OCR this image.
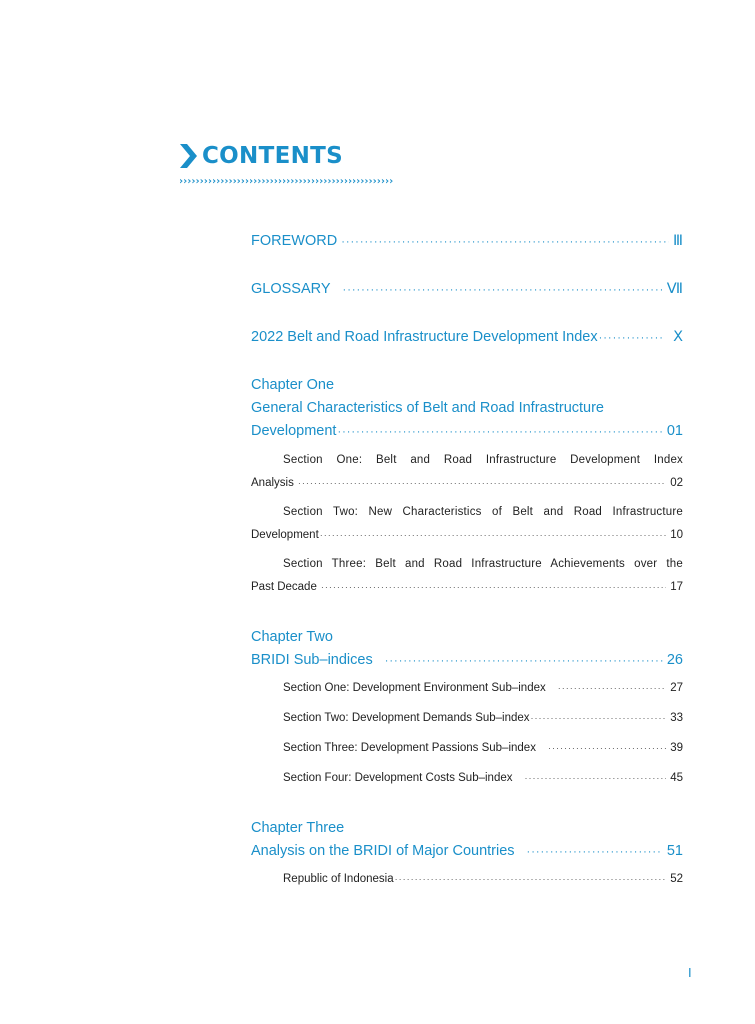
CONTENTS
››››››››››››››››››››››››››››››››››››››››››››››››››››
FOREWORD ·····	Ⅲ
GLOSSARY ·····	Ⅶ
2022 Belt and Road Infrastructure Development Index ·····	Ⅹ
Chapter One
General Characteristics of Belt and Road Infrastructure
Development ·····	01
Section One: Belt and Road Infrastructure Development Index
Analysis ·····	02
Section Two: New Characteristics of Belt and Road Infrastructure
Development ·····	10
Section Three: Belt and Road Infrastructure Achievements over the
Past Decade ·····	17
Chapter Two
BRIDI Sub–indices ·····	26
Section One: Development Environment Sub–index ·····	27
Section Two: Development Demands Sub–index ·····	33
Section Three: Development Passions Sub–index ·····	39
Section Four: Development Costs Sub–index ·····	45
Chapter Three
Analysis on the BRIDI of Major Countries ·····	51
Republic of Indonesia ·····	52
I
